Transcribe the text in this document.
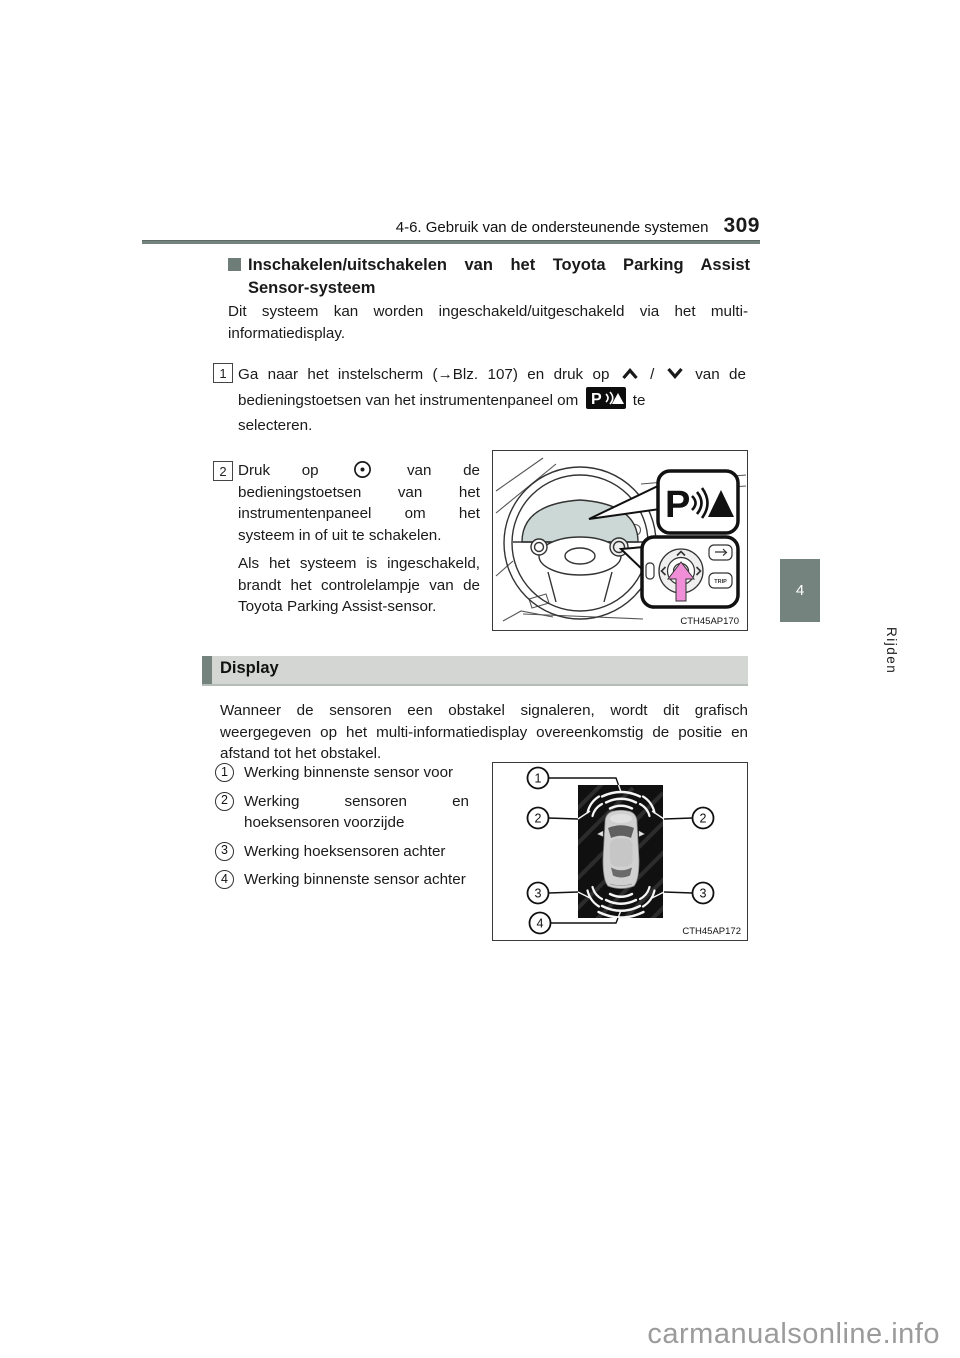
4-6. Gebruik van de ondersteunende systemen 309
4
Rijden
Inschakelen/uitschakelen van het Toyota Parking Assist Sensor-systeem
Dit systeem kan worden ingeschakeld/uitgeschakeld via het multi-informatiedisplay.
1 Ga naar het instelscherm (→Blz. 107) en druk op	/	van de bedieningstoetsen van het instrumentenpaneel om P te
selecteren.
2 Druk op	van de bedieningstoetsen van het instrumentenpaneel om het systeem in of uit te schakelen.
Als het systeem is ingeschakeld, brandt het controlelampje van de Toyota Parking Assist-sensor.
P
TRIP
CTH45AP170
Display
Wanneer de sensoren een obstakel signaleren, wordt dit grafisch weergegeven op het multi-informatiedisplay overeenkomstig de positie en afstand tot het obstakel.
1	Werking binnenste sensor voor
2	Werking sensoren en hoeksensoren voorzijde
3	Werking hoeksensoren achter
4	Werking binnenste sensor achter
1
2	2
3	3
4
CTH45AP172
carmanualsonline.info
